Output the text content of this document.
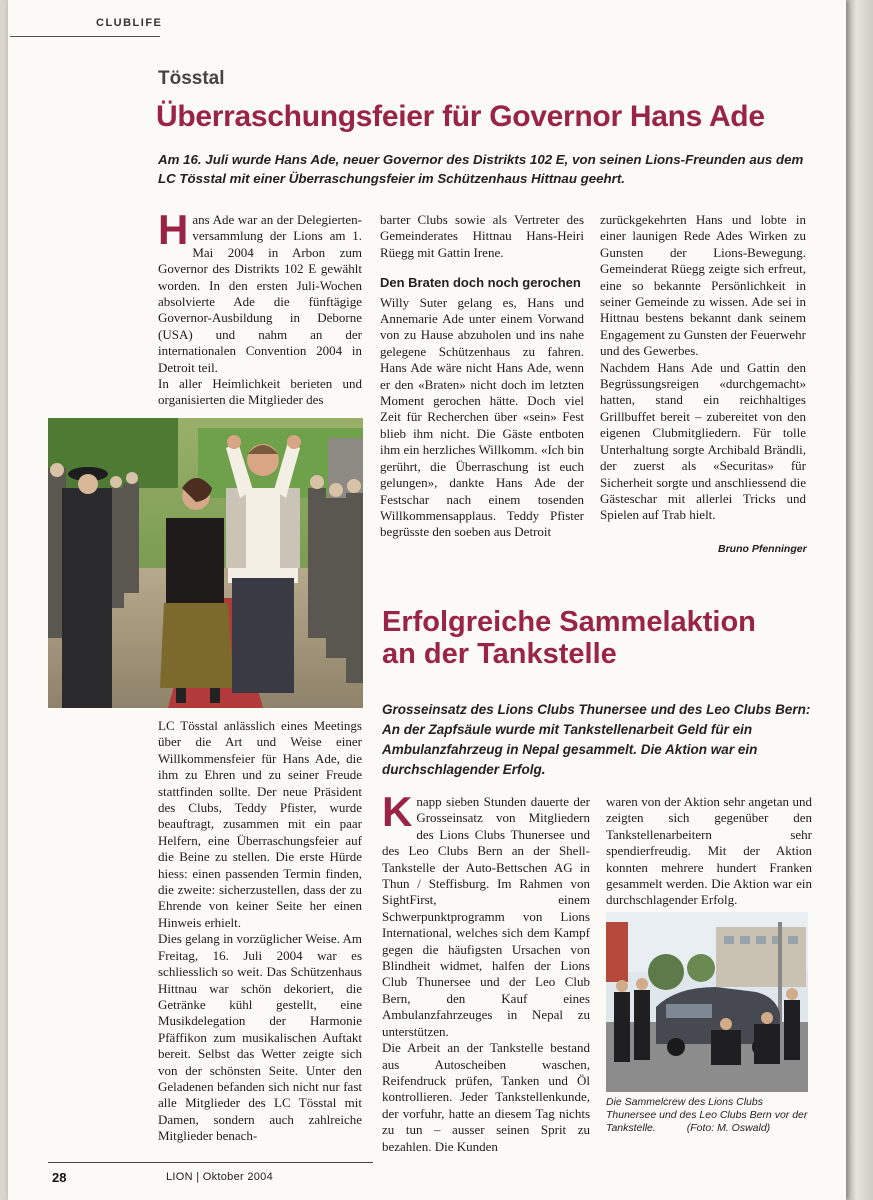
CLUBLIFE
Tösstal
Überraschungsfeier für Governor Hans Ade

Am 16. Juli wurde Hans Ade, neuer Governor des Distrikts 102 E, von seinen Lions-Freunden aus dem LC Tösstal mit einer Überraschungsfeier im Schützenhaus Hittnau geehrt.

H ans Ade war an der Delegiertenversammlung der Lions am 1. Mai 2004 in Arbon zum Governor des Distrikts 102 E gewählt worden. In den ersten Juli-Wochen absolvierte Ade die fünftägige Governor-Ausbildung in Deborne (USA) und nahm an der internationalen Convention 2004 in Detroit teil.

In aller Heimlichkeit berieten und organisierten die Mitglieder des

LC Tösstal anlässlich eines Meetings über die Art und Weise einer Willkommensfeier für Hans Ade, die ihm zu Ehren und zu seiner Freude stattfinden sollte. Der neue Präsident des Clubs, Teddy Pfister, wurde beauftragt, zusammen mit ein paar Helfern, eine Überraschungsfeier auf die Beine zu stellen. Die erste Hürde hiess: einen passenden Termin finden, die zweite: sicherzustellen, dass der zu Ehrende von keiner Seite her einen Hinweis erhielt.

Dies gelang in vorzüglicher Weise. Am Freitag, 16. Juli 2004 war es schliesslich so weit. Das Schützenhaus Hittnau war schön dekoriert, die Getränke kühl gestellt, eine Musikdelegation der Harmonie Pfäffikon zum musikalischen Auftakt bereit. Selbst das Wetter zeigte sich von der schönsten Seite. Unter den Geladenen befanden sich nicht nur fast alle Mitglieder des LC Tösstal mit Damen, sondern auch zahlreiche Mitglieder benach-

barter Clubs sowie als Vertreter des Gemeinderates Hittnau Hans-Heiri Rüegg mit Gattin Irene.

Den Braten doch noch gerochen

Willy Suter gelang es, Hans und Annemarie Ade unter einem Vorwand von zu Hause abzuholen und ins nahe gelegene Schützenhaus zu fahren. Hans Ade wäre nicht Hans Ade, wenn er den «Braten» nicht doch im letzten Moment gerochen hätte. Doch viel Zeit für Recherchen über «sein» Fest blieb ihm nicht. Die Gäste entboten ihm ein herzliches Willkomm. «Ich bin gerührt, die Überraschung ist euch gelungen», dankte Hans Ade der Festschar nach einem tosenden Willkommensapplaus. Teddy Pfister begrüsste den soeben aus Detroit

zurückgekehrten Hans und lobte in einer launigen Rede Ades Wirken zu Gunsten der Lions-Bewegung. Gemeinderat Rüegg zeigte sich erfreut, eine so bekannte Persönlichkeit in seiner Gemeinde zu wissen. Ade sei in Hittnau bestens bekannt dank seinem Engagement zu Gunsten der Feuerwehr und des Gewerbes.

Nachdem Hans Ade und Gattin den Begrüssungsreigen «durchgemacht» hatten, stand ein reichhaltiges Grillbuffet bereit – zubereitet von den eigenen Clubmitgliedern. Für tolle Unterhaltung sorgte Archibald Brändli, der zuerst als «Securitas» für Sicherheit sorgte und anschliessend die Gästeschar mit allerlei Tricks und Spielen auf Trab hielt.

Bruno Pfenninger
Erfolgreiche Sammelaktion
an der Tankstelle

Grosseinsatz des Lions Clubs Thunersee und des Leo Clubs Bern: An der Zapfsäule wurde mit Tankstellenarbeit Geld für ein Ambulanzfahrzeug in Nepal gesammelt. Die Aktion war ein durchschlagender Erfolg.

K napp sieben Stunden dauerte der Grosseinsatz von Mitgliedern des Lions Clubs Thunersee und des Leo Clubs Bern an der Shell-Tankstelle der Auto-Bettschen AG in Thun / Steffisburg. Im Rahmen von SightFirst, einem Schwerpunktprogramm von Lions International, welches sich dem Kampf gegen die häufigsten Ursachen von Blindheit widmet, halfen der Lions Club Thunersee und der Leo Club Bern, den Kauf eines Ambulanzfahrzeuges in Nepal zu unterstützen.

Die Arbeit an der Tankstelle bestand aus Autoscheiben waschen, Reifendruck prüfen, Tanken und Öl kontrollieren. Jeder Tankstellenkunde, der vorfuhr, hatte an diesem Tag nichts zu tun – ausser seinen Sprit zu bezahlen. Die Kunden

waren von der Aktion sehr angetan und zeigten sich gegenüber den Tankstellenarbeitern sehr spendierfreudig. Mit der Aktion konnten mehrere hundert Franken gesammelt werden. Die Aktion war ein durchschlagender Erfolg.

Die Sammelcrew des Lions Clubs Thunersee und des Leo Clubs Bern vor der Tankstelle.	(Foto: M. Oswald)

28	LION | Oktober 2004
